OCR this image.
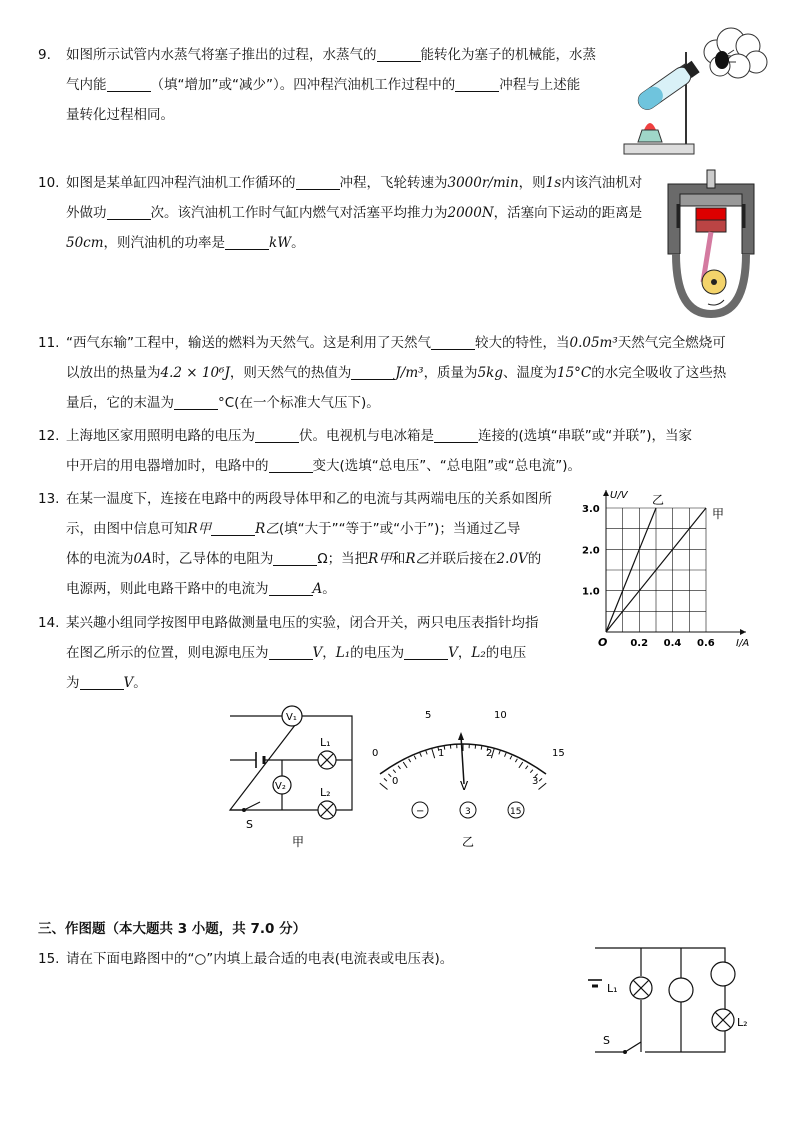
9.	如图所示试管内水蒸气将塞子推出的过程，水蒸气的	能转化为塞子的机械能，水蒸
气内能	（填“增加”或“减少”）。四冲程汽油机工作过程中的	冲程与上述能
量转化过程相同。
10. 如图是某单缸四冲程汽油机工作循环的	冲程，飞轮转速为3000r/min，则1s内该汽油机对
外做功	次。该汽油机工作时气缸内燃气对活塞平均推力为2000N，活塞向下运动的距离是
50cm，则汽油机的功率是	kW。
11. “西气东输”工程中，输送的燃料为天然气。这是利用了天然气	较大的特性，当0.05m³天然气完全燃烧可
以放出的热量为4.2 × 10⁶J，则天然气的热值为	J/m³，质量为5kg、温度为15°C的水完全吸收了这些热
量后，它的末温为	°C(在一个标准大气压下)。
12. 上海地区家用照明电路的电压为	伏。电视机与电冰箱是	连接的(选填“串联”或“并联”)，当家
中开启的用电器增加时，电路中的	变大(选填“总电压”、“总电阻”或“总电流”)。
13. 在某一温度下，连接在电路中的两段导体甲和乙的电流与其两端电压的关系如图所
示，由图中信息可知R甲	R乙(填“大于”“等于”或“小于”)；当通过乙导
体的电流为0A时，乙导体的电阻为	Ω；当把R甲和R乙并联后接在2.0V的
电源两，则此电路干路中的电流为	A。
0.2 0.4 0.6
1.0
2.0
3.0
O	I/A
U/V
甲
乙
14. 某兴趣小组同学按图甲电路做测量电压的实验，闭合开关，两只电压表指针均指
在图乙所示的位置，则电源电压为	V，L₁的电压为	V，L₂的电压
为	V。
V₁
V₂
L₁
L₂
S
甲
0
5	10
15
0
1	2
3
V
−	3	15
乙
三、作图题（本大题共 3 小题，共 7.0 分）
15. 请在下面电路图中的“○”内填上最合适的电表(电流表或电压表)。
L₁
L₂
S
